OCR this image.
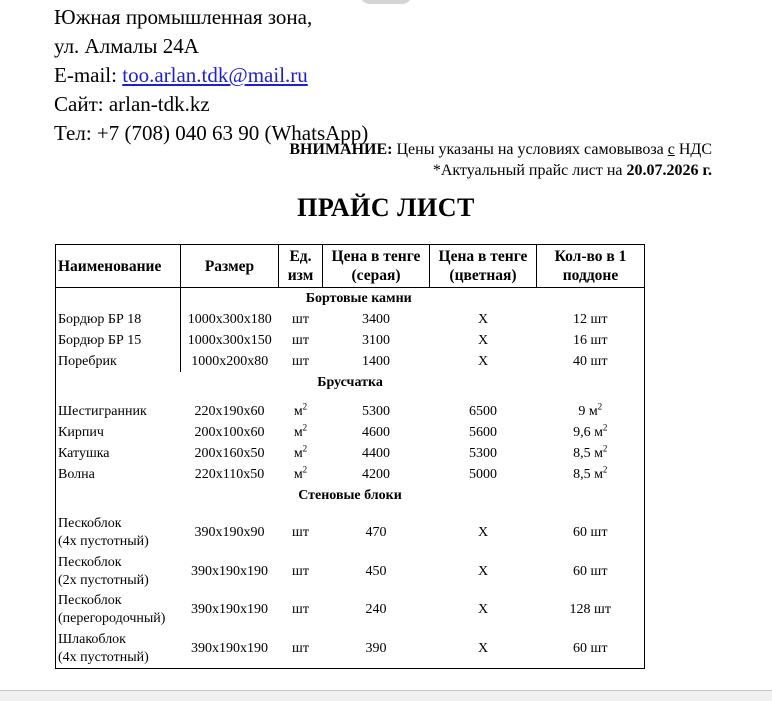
Южная промышленная зона,
ул. Алмалы 24А
E-mail: too.arlan.tdk@mail.ru
Сайт: arlan-tdk.kz
Тел: +7 (708) 040 63 90 (WhatsApp)
ВНИМАНИЕ: Цены указаны на условиях самовывоза с НДС
*Актуальный прайс лист на 20.07.2026 г.
ПРАЙС ЛИСТ
Наименование	Размер	Ед. изм	Цена в тенге (серая)	Цена в тенге (цветная)	Кол-во в 1 поддоне
	Бортовые камни				
Бордюр БР 18	1000x300x180	шт	3400	Х	12 шт
Бордюр БР 15	1000x300x150	шт	3100	Х	16 шт
Поребрик	1000x200x80	шт	1400	Х	40 шт
Брусчатка					

Шестигранник	220x190x60	$м^2$	5300	6500	9 $м^2$
Кирпич	200x100x60	$м^2$	4600	5600	9,6 $м^2$
Катушка	200x160x50	$м^2$	4400	5300	8,5 $м^2$
Волна	220x110x50	$м^2$	4200	5000	8,5 $м^2$
Стеновые блоки					

Пескоблок
(4х пустотный)	390x190x90	шт	470	Х	60 шт
Пескоблок
(2х пустотный)	390x190x190	шт	450	Х	60 шт
Пескоблок
(перегородочный)	390x190x190	шт	240	Х	128 шт
Шлакоблок
(4х пустотный)	390x190x190	шт	390	Х	60 шт
